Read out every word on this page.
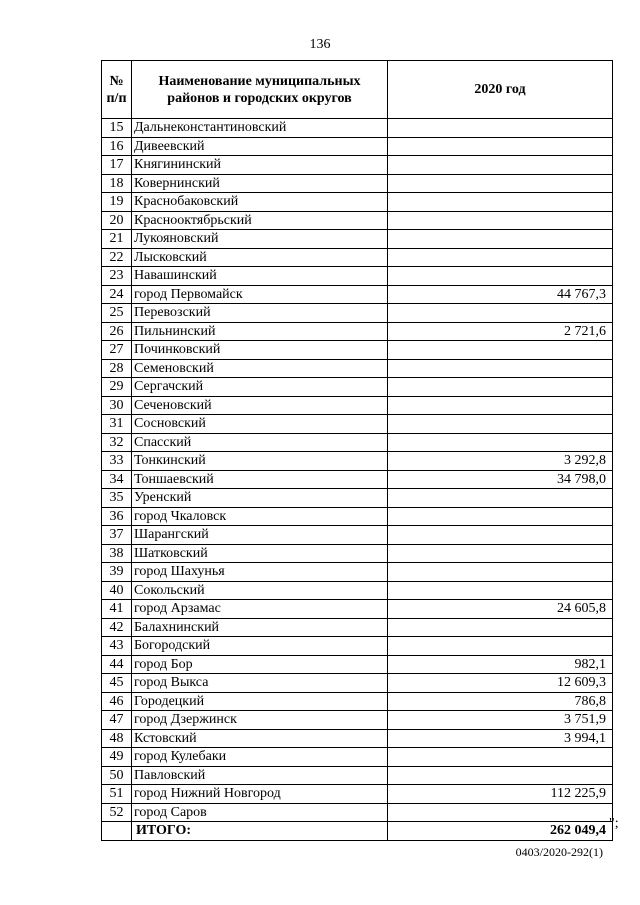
136
№ п/п	Наименование муниципальных районов и городских округов	2020 год
15	Дальнеконстантиновский	
16	Дивеевский	
17	Княгининский	
18	Ковернинский	
19	Краснобаковский	
20	Краснооктябрьский	
21	Лукояновский	
22	Лысковский	
23	Навашинский	
24	город Первомайск	44 767,3
25	Перевозский	
26	Пильнинский	2 721,6
27	Починковский	
28	Семеновский	
29	Сергачский	
30	Сеченовский	
31	Сосновский	
32	Спасский	
33	Тонкинский	3 292,8
34	Тоншаевский	34 798,0
35	Уренский	
36	город Чкаловск	
37	Шарангский	
38	Шатковский	
39	город Шахунья	
40	Сокольский	
41	город Арзамас	24 605,8
42	Балахнинский	
43	Богородский	
44	город Бор	982,1
45	город Выкса	12 609,3
46	Городецкий	786,8
47	город Дзержинск	3 751,9
48	Кстовский	3 994,1
49	город Кулебаки	
50	Павловский	
51	город Нижний Новгород	112 225,9
52	город Саров	
	ИТОГО:	262 049,4 ";
0403/2020-292(1)
